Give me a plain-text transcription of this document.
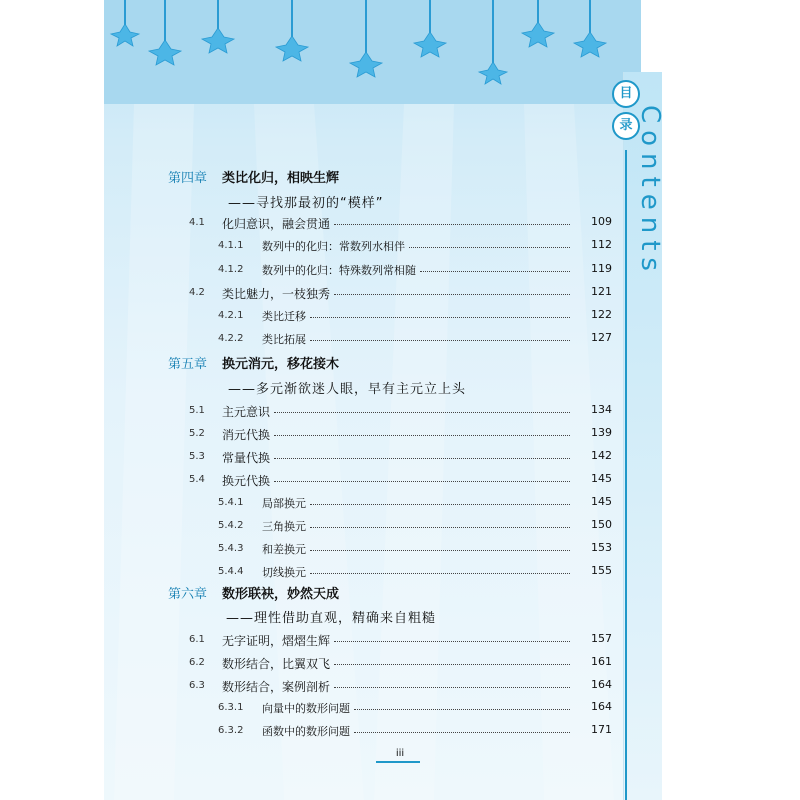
目
录 Contents
第四章 类比化归，相映生辉
——寻找那最初的“模样”
4.1 化归意识，融会贯通	109
4.1.1 数列中的化归：常数列水相伴	112
4.1.2 数列中的化归：特殊数列常相随	119
4.2 类比魅力，一枝独秀	121
4.2.1 类比迁移	122
4.2.2 类比拓展	127
第五章 换元消元，移花接木
——多元渐欲迷人眼，早有主元立上头
5.1 主元意识	134
5.2 消元代换	139
5.3 常量代换	142
5.4 换元代换	145
5.4.1 局部换元	145
5.4.2 三角换元	150
5.4.3 和差换元	153
5.4.4 切线换元	155
第六章 数形联袂，妙然天成
——理性借助直观，精确来自粗糙
6.1 无字证明，熠熠生辉	157
6.2 数形结合，比翼双飞	161
6.3 数形结合，案例剖析	164
6.3.1 向量中的数形问题	164
6.3.2 函数中的数形问题	171
iii
